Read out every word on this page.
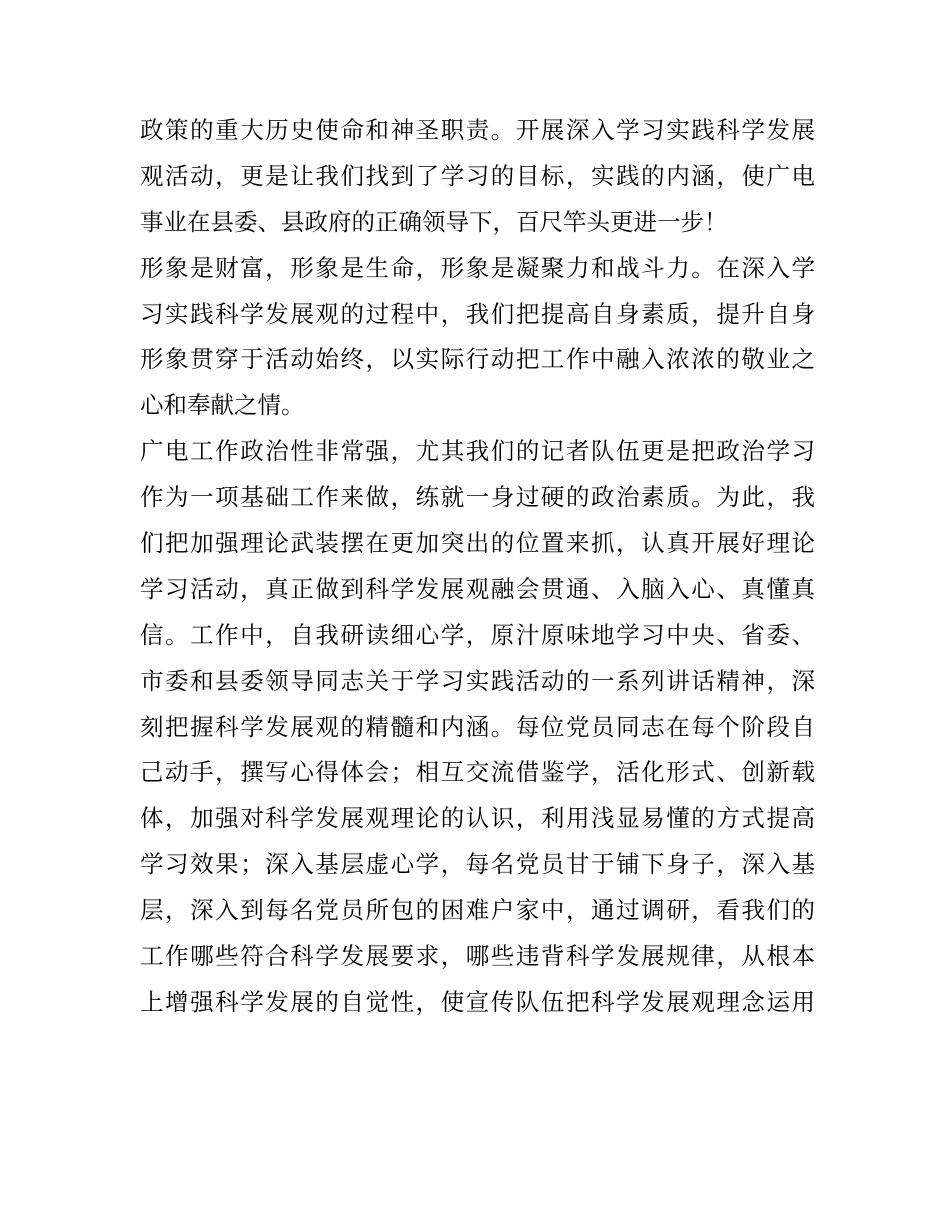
政策的重大历史使命和神圣职责。开展深入学习实践科学发展
观活动，更是让我们找到了学习的目标，实践的内涵，使广电
事业在县委、县政府的正确领导下，百尺竿头更进一步！
形象是财富，形象是生命，形象是凝聚力和战斗力。在深入学
习实践科学发展观的过程中，我们把提高自身素质，提升自身
形象贯穿于活动始终，以实际行动把工作中融入浓浓的敬业之
心和奉献之情。
广电工作政治性非常强，尤其我们的记者队伍更是把政治学习
作为一项基础工作来做，练就一身过硬的政治素质。为此，我
们把加强理论武装摆在更加突出的位置来抓，认真开展好理论
学习活动，真正做到科学发展观融会贯通、入脑入心、真懂真
信。工作中，自我研读细心学，原汁原味地学习中央、省委、
市委和县委领导同志关于学习实践活动的一系列讲话精神，深
刻把握科学发展观的精髓和内涵。每位党员同志在每个阶段自
己动手，撰写心得体会；相互交流借鉴学，活化形式、创新载
体，加强对科学发展观理论的认识，利用浅显易懂的方式提高
学习效果；深入基层虚心学，每名党员甘于铺下身子，深入基
层，深入到每名党员所包的困难户家中，通过调研，看我们的
工作哪些符合科学发展要求，哪些违背科学发展规律，从根本
上增强科学发展的自觉性，使宣传队伍把科学发展观理念运用
